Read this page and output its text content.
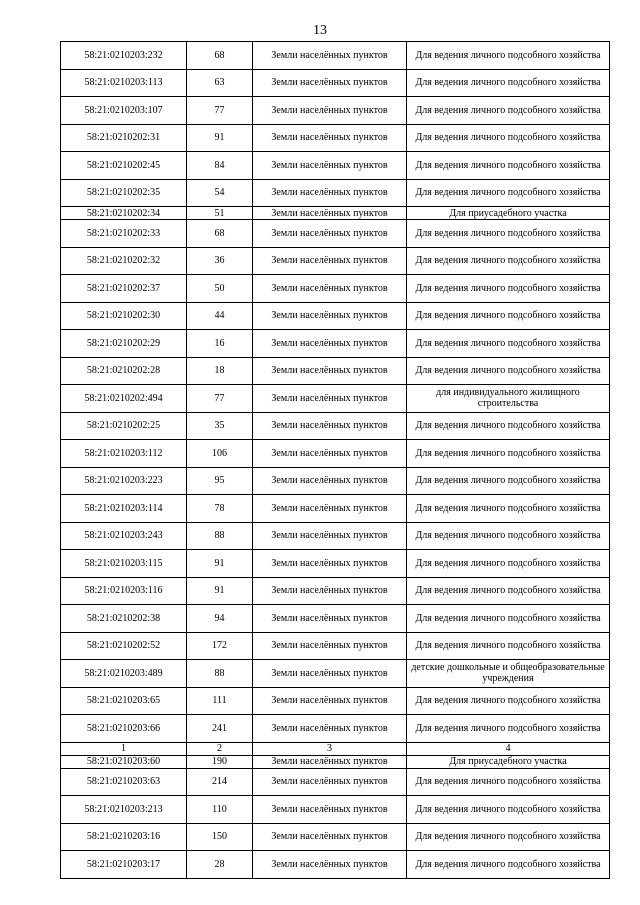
13
58:21:0210203:232	68	Земли населённых пунктов	Для ведения личного подсобного хозяйства
58:21:0210203:113	63	Земли населённых пунктов	Для ведения личного подсобного хозяйства
58:21:0210203:107	77	Земли населённых пунктов	Для ведения личного подсобного хозяйства
58:21:0210202:31	91	Земли населённых пунктов	Для ведения личного подсобного хозяйства
58:21:0210202:45	84	Земли населённых пунктов	Для ведения личного подсобного хозяйства
58:21:0210202:35	54	Земли населённых пунктов	Для ведения личного подсобного хозяйства
58:21:0210202:34	51	Земли населённых пунктов	Для приусадебного участка
58:21:0210202:33	68	Земли населённых пунктов	Для ведения личного подсобного хозяйства
58:21:0210202:32	36	Земли населённых пунктов	Для ведения личного подсобного хозяйства
58:21:0210202:37	50	Земли населённых пунктов	Для ведения личного подсобного хозяйства
58:21:0210202:30	44	Земли населённых пунктов	Для ведения личного подсобного хозяйства
58:21:0210202:29	16	Земли населённых пунктов	Для ведения личного подсобного хозяйства
58:21:0210202:28	18	Земли населённых пунктов	Для ведения личного подсобного хозяйства
58:21:0210202:494	77	Земли населённых пунктов	для индивидуального жилищного строительства
58:21:0210202:25	35	Земли населённых пунктов	Для ведения личного подсобного хозяйства
58:21:0210203:112	106	Земли населённых пунктов	Для ведения личного подсобного хозяйства
58:21:0210203:223	95	Земли населённых пунктов	Для ведения личного подсобного хозяйства
58:21:0210203:114	78	Земли населённых пунктов	Для ведения личного подсобного хозяйства
58:21:0210203:243	88	Земли населённых пунктов	Для ведения личного подсобного хозяйства
58:21:0210203:115	91	Земли населённых пунктов	Для ведения личного подсобного хозяйства
58:21:0210203:116	91	Земли населённых пунктов	Для ведения личного подсобного хозяйства
58:21:0210202:38	94	Земли населённых пунктов	Для ведения личного подсобного хозяйства
58:21:0210202:52	172	Земли населённых пунктов	Для ведения личного подсобного хозяйства
58:21:0210203:489	88	Земли населённых пунктов	детские дошкольные и общеобразовательные учреждения
58:21:0210203:65	111	Земли населённых пунктов	Для ведения личного подсобного хозяйства
58:21:0210203:66	241	Земли населённых пунктов	Для ведения личного подсобного хозяйства
1	2	3	4
58:21:0210203:60	190	Земли населённых пунктов	Для приусадебного участка
58:21:0210203:63	214	Земли населённых пунктов	Для ведения личного подсобного хозяйства
58:21:0210203:213	110	Земли населённых пунктов	Для ведения личного подсобного хозяйства
58:21:0210203:16	150	Земли населённых пунктов	Для ведения личного подсобного хозяйства
58:21:0210203:17	28	Земли населённых пунктов	Для ведения личного подсобного хозяйства
